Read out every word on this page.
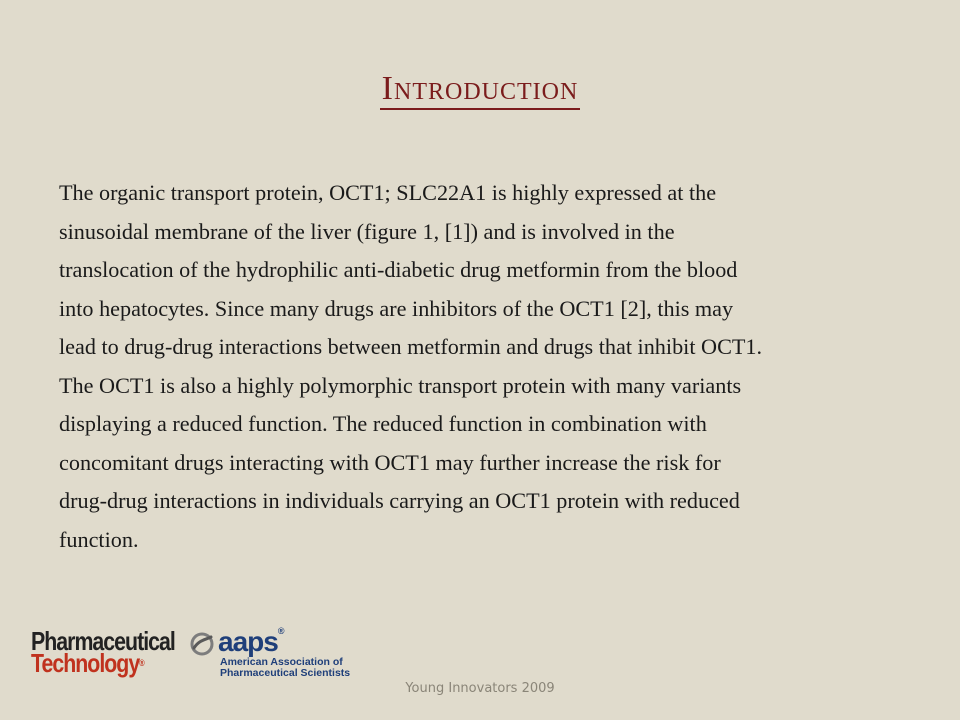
Introduction
The organic transport protein, OCT1; SLC22A1 is highly expressed at the
sinusoidal membrane of the liver (figure 1, [1]) and is involved in the
translocation of the hydrophilic anti-diabetic drug metformin from the blood
into hepatocytes. Since many drugs are inhibitors of the OCT1 [2], this may
lead to drug-drug interactions between metformin and drugs that inhibit OCT1.
The OCT1 is also a highly polymorphic transport protein with many variants
displaying a reduced function. The reduced function in combination with
concomitant drugs interacting with OCT1 may further increase the risk for
drug-drug interactions in individuals carrying an OCT1 protein with reduced
function.
Pharmaceutical
Technology®
aaps®
American Association of
Pharmaceutical Scientists
Young Innovators 2009
